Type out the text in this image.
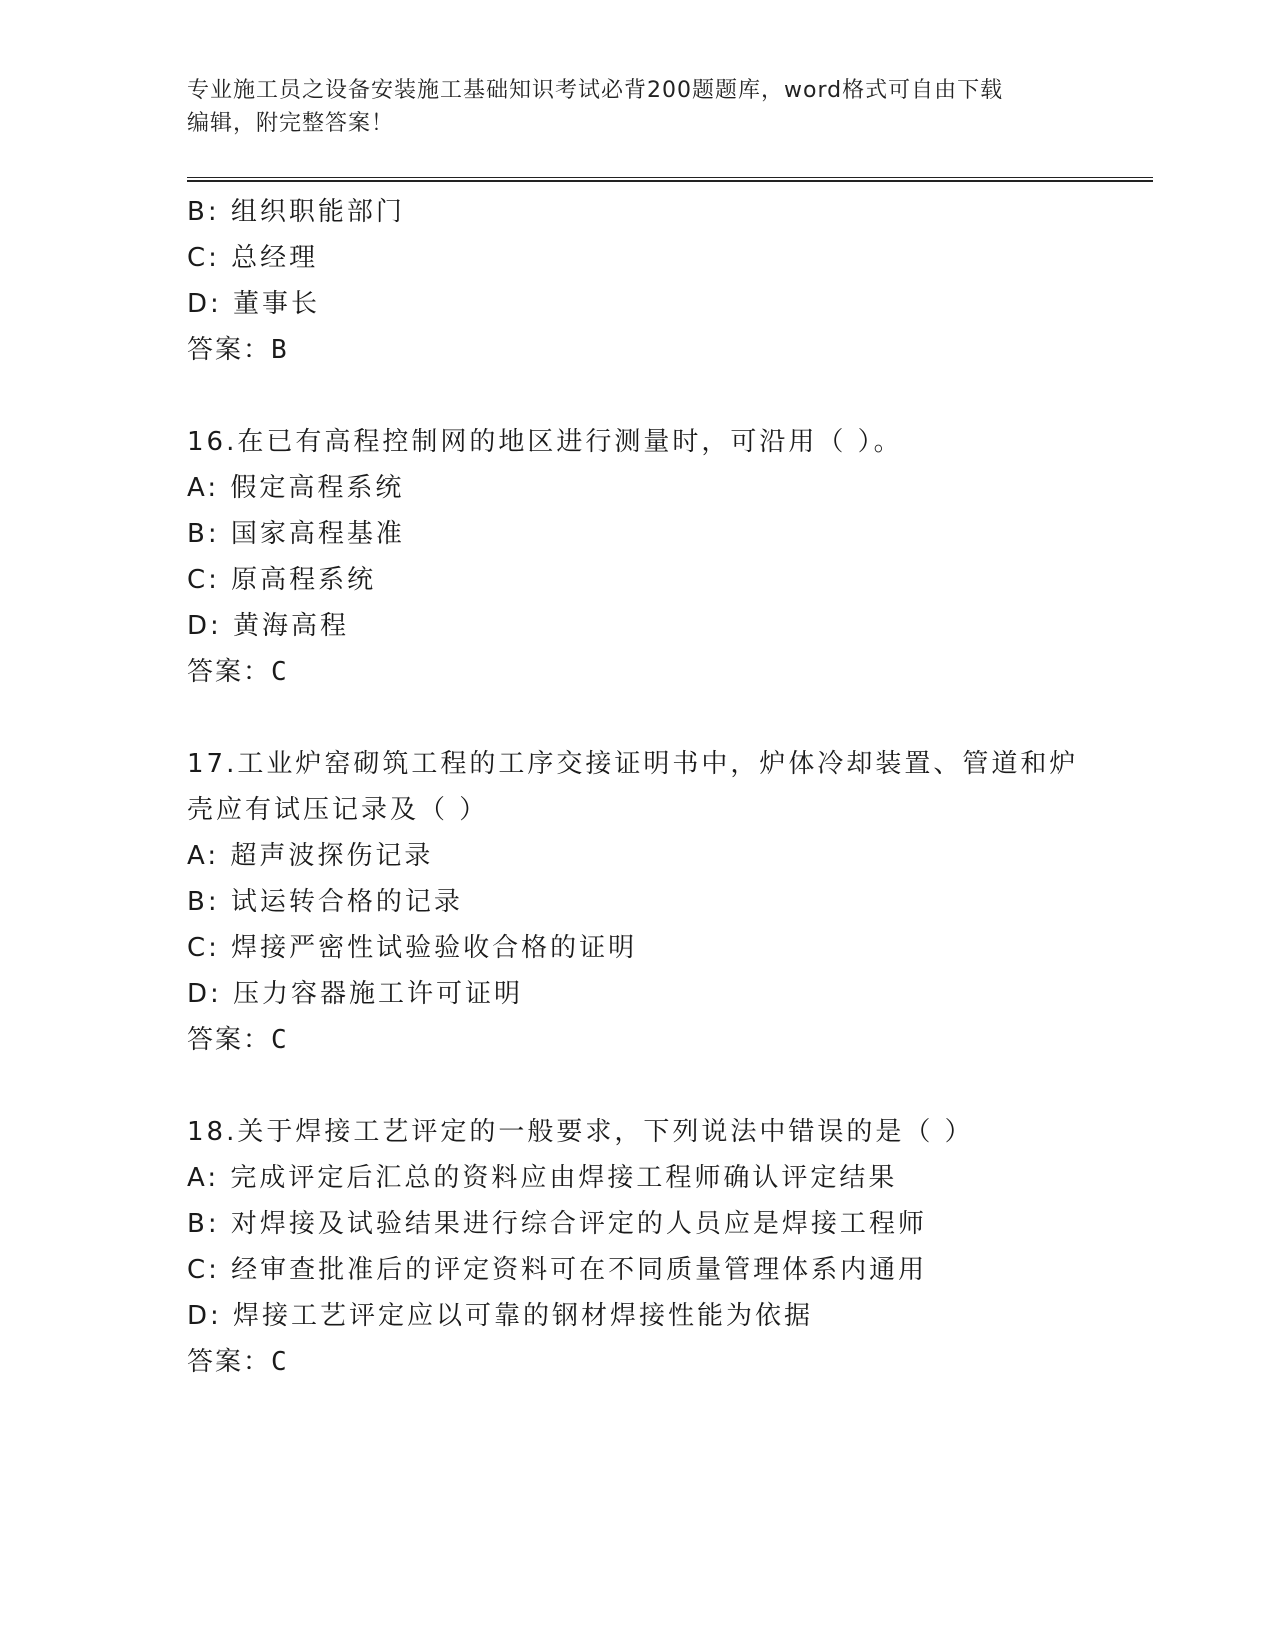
专业施工员之设备安装施工基础知识考试必背200题题库，word格式可自由下载
编辑，附完整答案！
B: 组织职能部门
C: 总经理
D: 董事长
答案：B
16.在已有高程控制网的地区进行测量时，可沿用（ ）。
A: 假定高程系统
B: 国家高程基准
C: 原高程系统
D: 黄海高程
答案：C
17.工业炉窑砌筑工程的工序交接证明书中，炉体冷却装置、管道和炉
壳应有试压记录及（ ）
A: 超声波探伤记录
B: 试运转合格的记录
C: 焊接严密性试验验收合格的证明
D: 压力容器施工许可证明
答案：C
18.关于焊接工艺评定的一般要求，下列说法中错误的是（ ）
A: 完成评定后汇总的资料应由焊接工程师确认评定结果
B: 对焊接及试验结果进行综合评定的人员应是焊接工程师
C: 经审查批准后的评定资料可在不同质量管理体系内通用
D: 焊接工艺评定应以可靠的钢材焊接性能为依据
答案：C
